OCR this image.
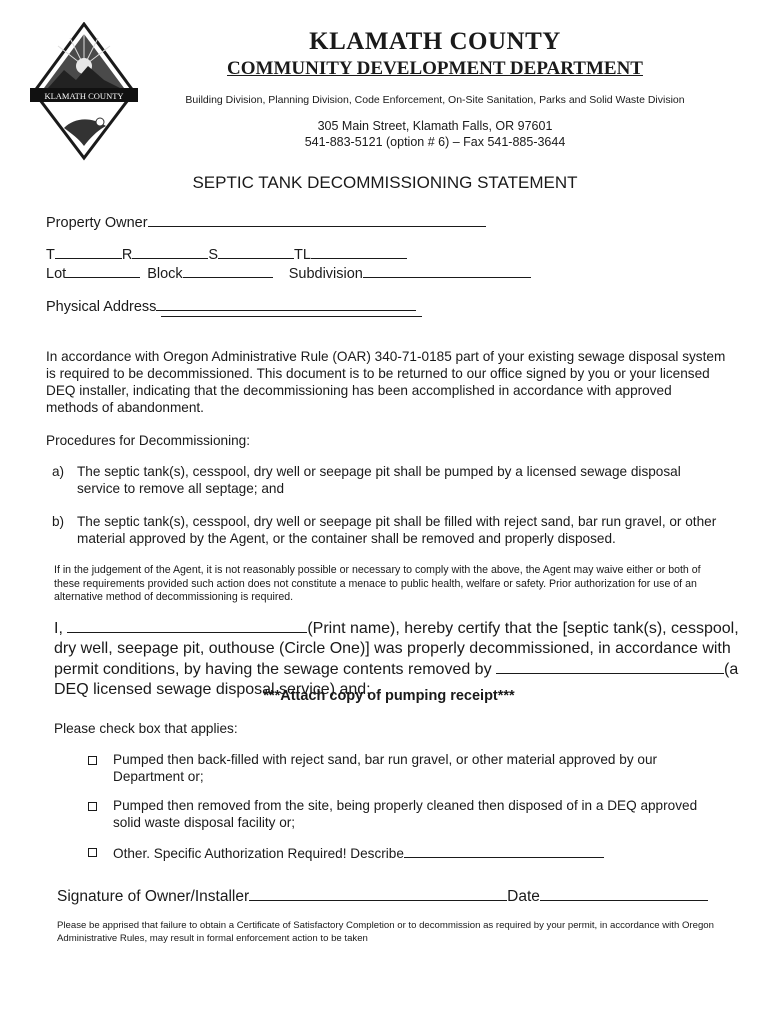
KLAMATH COUNTY
KLAMATH COUNTY
COMMUNITY DEVELOPMENT DEPARTMENT
Building Division, Planning Division, Code Enforcement, On-Site Sanitation, Parks and Solid Waste Division
305 Main Street, Klamath Falls, OR 97601
541-883-5121 (option # 6) – Fax 541-885-3644
SEPTIC TANK DECOMMISSIONING STATEMENT
Property Owner
T	R	S	TL
Lot	Block	Subdivision
Physical Address
In accordance with Oregon Administrative Rule (OAR) 340-71-0185 part of your existing sewage disposal system is required to be decommissioned. This document is to be returned to our office signed by you or your licensed DEQ installer, indicating that the decommissioning has been accomplished in accordance with approved methods of abandonment.
Procedures for Decommissioning:
a) The septic tank(s), cesspool, dry well or seepage pit shall be pumped by a licensed sewage disposal service to remove all septage; and
b) The septic tank(s), cesspool, dry well or seepage pit shall be filled with reject sand, bar run gravel, or other material approved by the Agent, or the container shall be removed and properly disposed.
If in the judgement of the Agent, it is not reasonably possible or necessary to comply with the above, the Agent may waive either or both of these requirements provided such action does not constitute a menace to public health, welfare or safety. Prior authorization for use of an alternative method of decommissioning is required.
I,	(Print name), hereby certify that the [septic tank(s), cesspool,
dry well, seepage pit, outhouse (Circle One)] was properly decommissioned, in accordance with
permit conditions, by having the sewage contents removed by	(a
DEQ licensed sewage disposal service) and;
***Attach copy of pumping receipt***
Please check box that applies:
Pumped then back-filled with reject sand, bar run gravel, or other material approved by our Department or;
Pumped then removed from the site, being properly cleaned then disposed of in a DEQ approved solid waste disposal facility or;
Other. Specific Authorization Required! Describe
Signature of Owner/Installer	Date
Please be apprised that failure to obtain a Certificate of Satisfactory Completion or to decommission as required by your permit, in accordance with Oregon Administrative Rules, may result in formal enforcement action to be taken
